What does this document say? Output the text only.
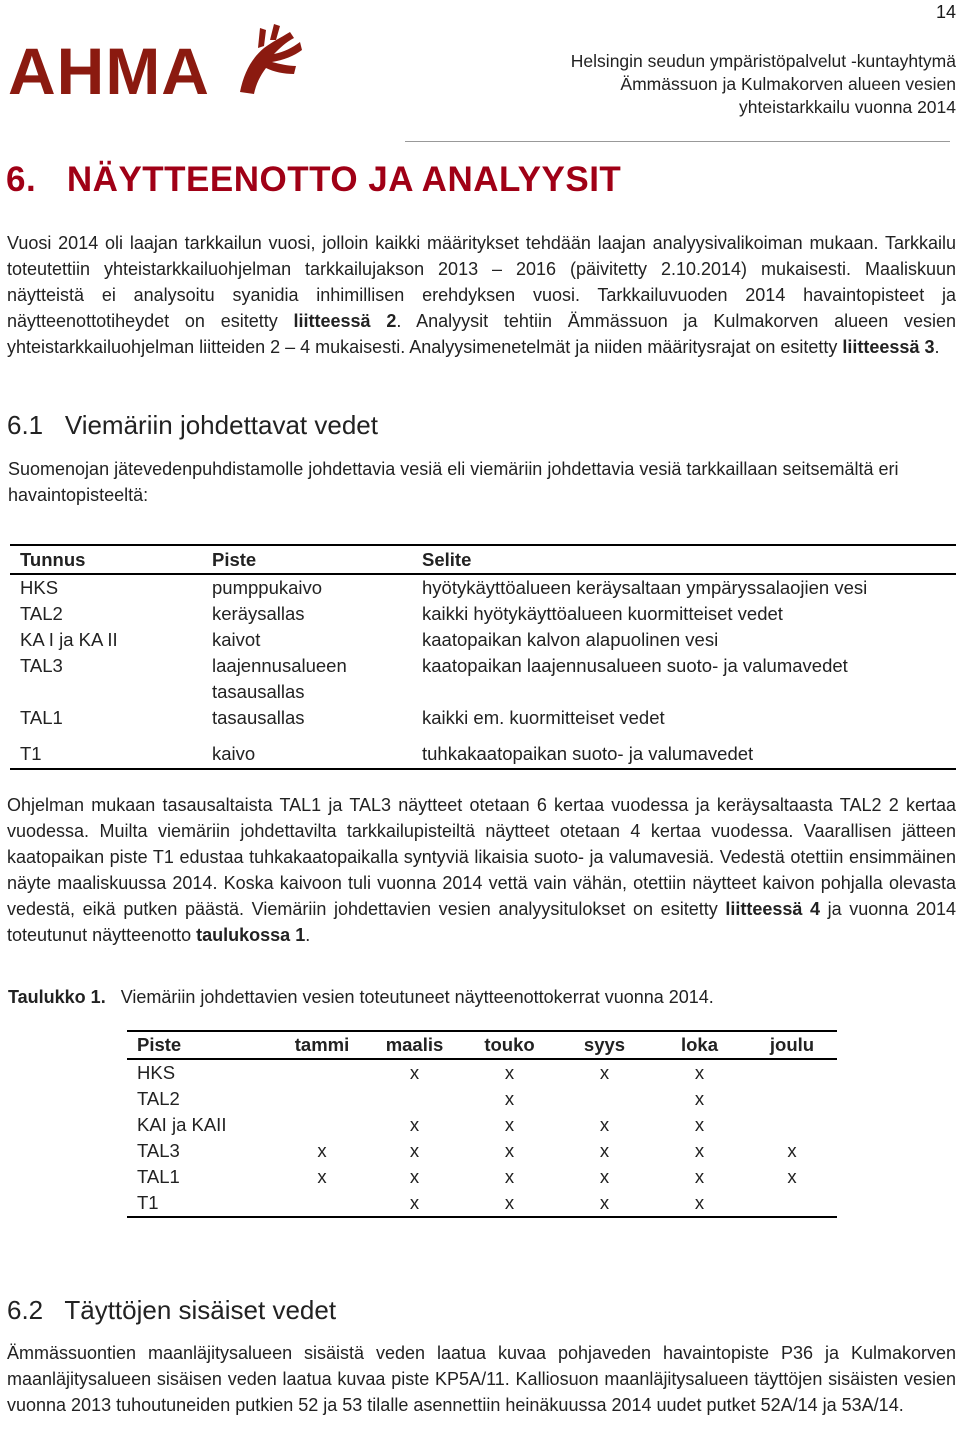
14
AHMA	Helsingin seudun ympäristöpalvelut -kuntayhtymä
Ämmässuon ja Kulmakorven alueen vesien
yhteistarkkailu vuonna 2014
6. NÄYTTEENOTTO JA ANALYYSIT
Vuosi 2014 oli laajan tarkkailun vuosi, jolloin kaikki määritykset tehdään laajan analyysivalikoiman mukaan. Tarkkailu toteutettiin yhteistarkkailuohjelman tarkkailujakson 2013 – 2016 (päivitetty 2.10.2014) mukaisesti. Maaliskuun näytteistä ei analysoitu syanidia inhimillisen erehdyksen vuosi. Tarkkailuvuoden 2014 havaintopisteet ja näytteenottotiheydet on esitetty liitteessä 2. Analyysit tehtiin Ämmässuon ja Kulmakorven alueen vesien yhteistarkkailuohjelman liitteiden 2 – 4 mukaisesti. Analyysimenetelmät ja niiden määritysrajat on esitetty liitteessä 3.
6.1 Viemäriin johdettavat vedet
Suomenojan jätevedenpuhdistamolle johdettavia vesiä eli viemäriin johdettavia vesiä tarkkaillaan seitsemältä eri havaintopisteeltä:
Tunnus	Piste	Selite
HKS	pumppukaivo	hyötykäyttöalueen keräysaltaan ympäryssalaojien vesi
TAL2	keräysallas	kaikki hyötykäyttöalueen kuormitteiset vedet
KA I ja KA II	kaivot	kaatopaikan kalvon alapuolinen vesi
TAL3	laajennusalueen tasausallas	kaatopaikan laajennusalueen suoto- ja valumavedet
TAL1	tasausallas	kaikki em. kuormitteiset vedet
T1	kaivo	tuhkakaatopaikan suoto- ja valumavedet
Ohjelman mukaan tasausaltaista TAL1 ja TAL3 näytteet otetaan 6 kertaa vuodessa ja keräysaltaasta TAL2 2 kertaa vuodessa. Muilta viemäriin johdettavilta tarkkailupisteiltä näytteet otetaan 4 kertaa vuodessa. Vaarallisen jätteen kaatopaikan piste T1 edustaa tuhkakaatopaikalla syntyviä likaisia suoto- ja valumavesiä. Vedestä otettiin ensimmäinen näyte maaliskuussa 2014. Koska kaivoon tuli vuonna 2014 vettä vain vähän, otettiin näytteet kaivon pohjalla olevasta vedestä, eikä putken päästä. Viemäriin johdettavien vesien analyysitulokset on esitetty liitteessä 4 ja vuonna 2014 toteutunut näytteenotto taulukossa 1.
Taulukko 1. Viemäriin johdettavien vesien toteutuneet näytteenottokerrat vuonna 2014.
Piste	tammi	maalis	touko	syys	loka	joulu
HKS		x	x	x	x	
TAL2			x		x	
KAI ja KAII		x	x	x	x	
TAL3	x	x	x	x	x	x
TAL1	x	x	x	x	x	x
T1		x	x	x	x	
6.2 Täyttöjen sisäiset vedet
Ämmässuontien maanläjitysalueen sisäistä veden laatua kuvaa pohjaveden havaintopiste P36 ja Kulmakorven maanläjitysalueen sisäisen veden laatua kuvaa piste KP5A/11. Kalliosuon maanläjitysalueen täyttöjen sisäisten vesien vuonna 2013 tuhoutuneiden putkien 52 ja 53 tilalle asennettiin heinäkuussa 2014 uudet putket 52A/14 ja 53A/14.
